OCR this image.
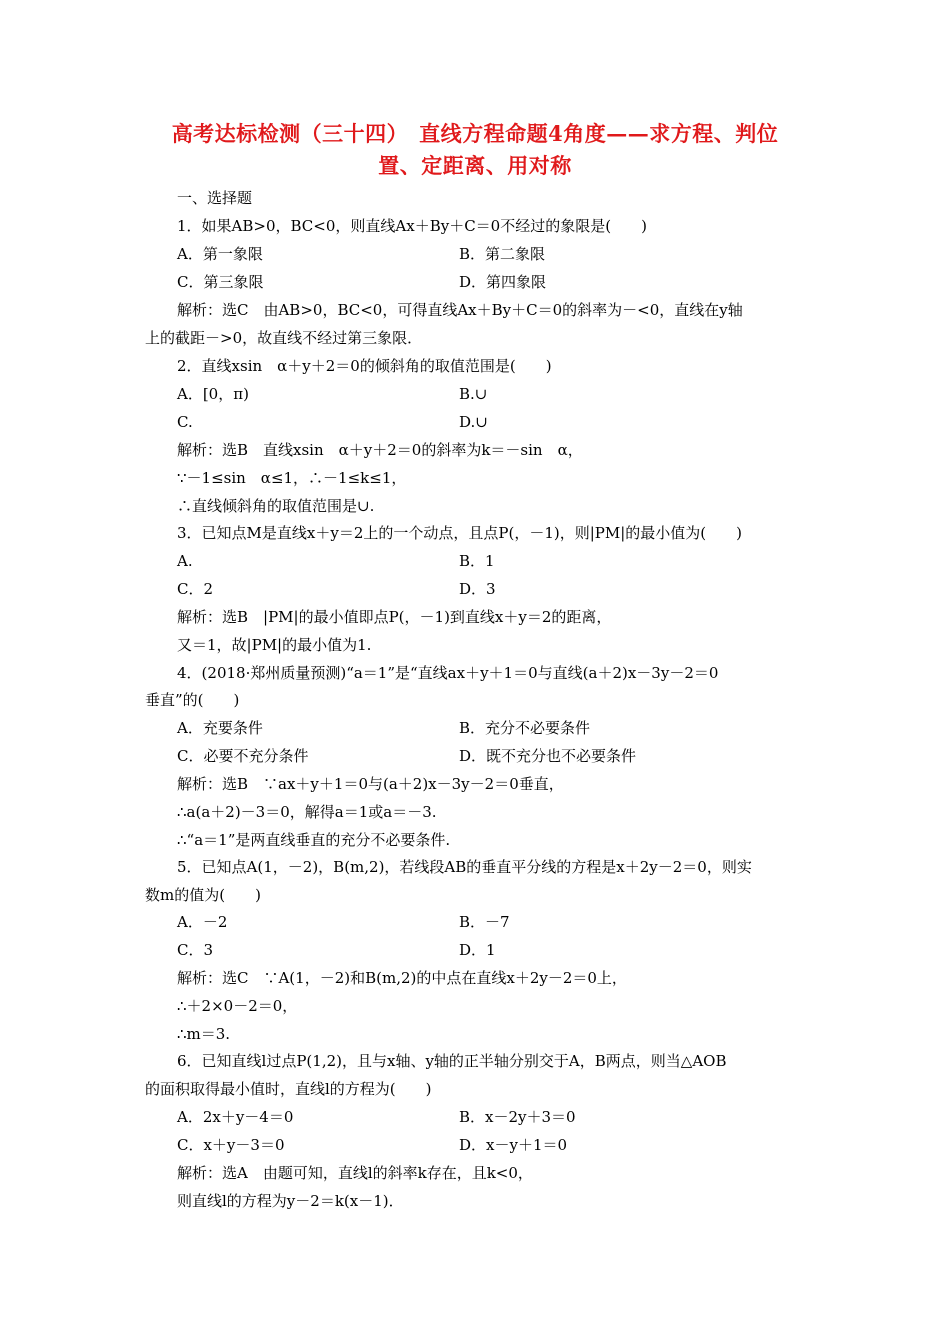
高考达标检测（三十四）　直线方程命题4角度——求方程、判位
置、定距离、用对称
一、选择题
1．如果AB>0，BC<0，则直线Ax＋By＋C＝0不经过的象限是(　　)
A．第一象限	B．第二象限
C．第三象限	D．第四象限
解析：选C　由AB>0，BC<0，可得直线Ax＋By＋C＝0的斜率为－<0，直线在y轴
上的截距－>0，故直线不经过第三象限．
2．直线xsin　α＋y＋2＝0的倾斜角的取值范围是(　　)
A．[0，π)	B.∪
C.	D.∪
解析：选B　直线xsin　α＋y＋2＝0的斜率为k＝－sin　α，
∵－1≤sin　α≤1，∴－1≤k≤1，
∴直线倾斜角的取值范围是∪.
3．已知点M是直线x＋y＝2上的一个动点，且点P(，－1)，则|PM|的最小值为(　　)
A.	B．1
C．2	D．3
解析：选B　|PM|的最小值即点P(，－1)到直线x＋y＝2的距离，
又＝1，故|PM|的最小值为1.
4．(2018·郑州质量预测)“a＝1”是“直线ax＋y＋1＝0与直线(a＋2)x－3y－2＝0
垂直”的(　　)
A．充要条件	B．充分不必要条件
C．必要不充分条件	D．既不充分也不必要条件
解析：选B　∵ax＋y＋1＝0与(a＋2)x－3y－2＝0垂直，
∴a(a＋2)－3＝0，解得a＝1或a＝－3.
∴“a＝1”是两直线垂直的充分不必要条件.
5．已知点A(1，－2)，B(m,2)，若线段AB的垂直平分线的方程是x＋2y－2＝0，则实
数m的值为(　　)
A．－2	B．－7
C．3	D．1
解析：选C　∵A(1，－2)和B(m,2)的中点在直线x＋2y－2＝0上，
∴＋2×0－2＝0，
∴m＝3.
6．已知直线l过点P(1,2)，且与x轴、y轴的正半轴分别交于A，B两点，则当△AOB
的面积取得最小值时，直线l的方程为(　　)
A．2x＋y－4＝0	B．x－2y＋3＝0
C．x＋y－3＝0	D．x－y＋1＝0
解析：选A　由题可知，直线l的斜率k存在，且k<0，
则直线l的方程为y－2＝k(x－1)．
